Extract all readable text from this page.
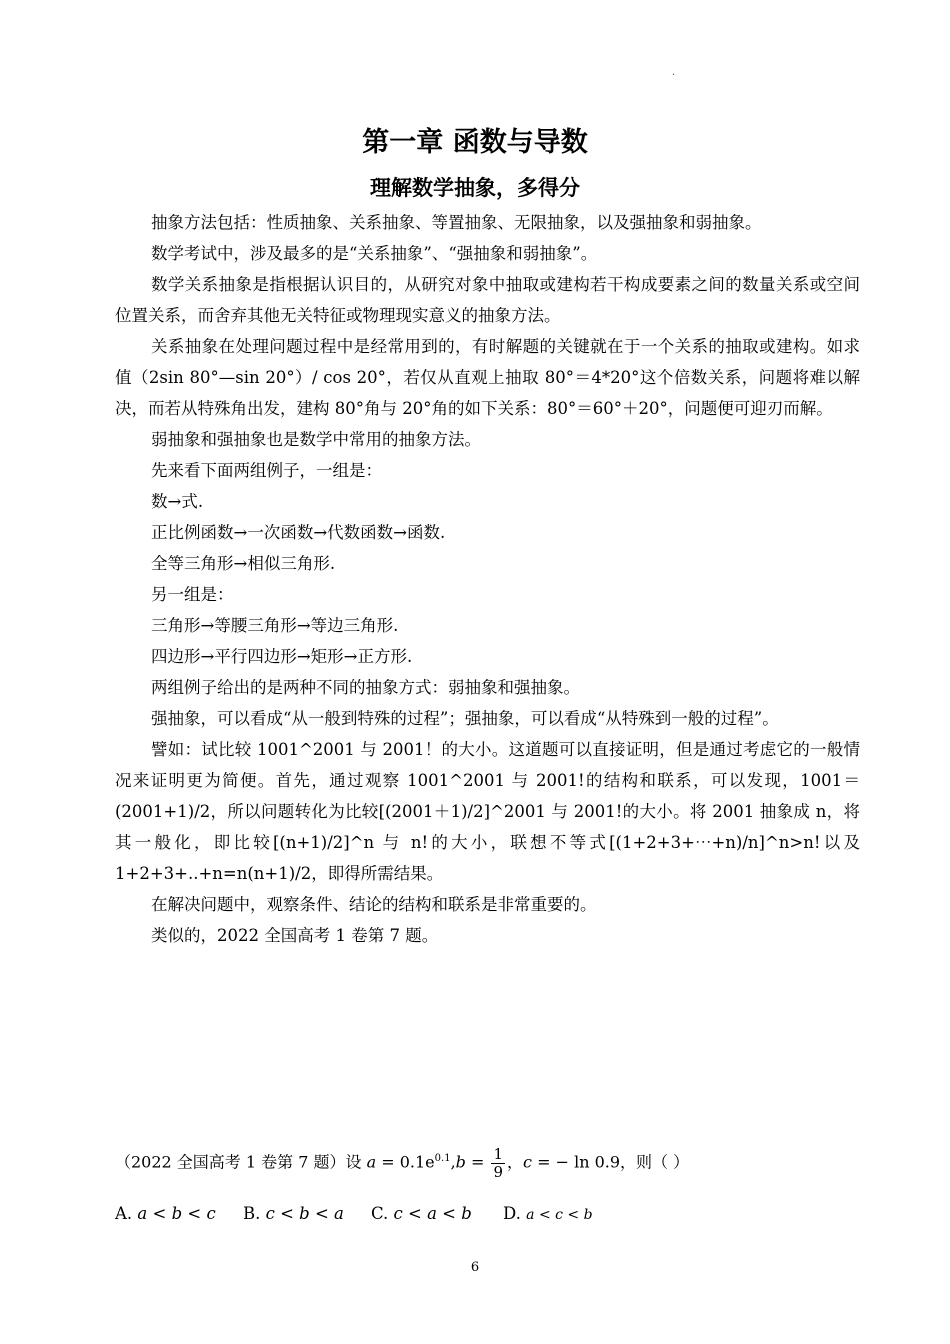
·
第一章 函数与导数
理解数学抽象，多得分

抽象方法包括：性质抽象、关系抽象、等置抽象、无限抽象，以及强抽象和弱抽象。

数学考试中，涉及最多的是“关系抽象”、“强抽象和弱抽象”。

数学关系抽象是指根据认识目的，从研究对象中抽取或建构若干构成要素之间的数量关系或空间位置关系，而舍弃其他无关特征或物理现实意义的抽象方法。

关系抽象在处理问题过程中是经常用到的，有时解题的关键就在于一个关系的抽取或建构。如求值（2sin 80°—sin 20°）/ cos 20°，若仅从直观上抽取 80°＝4*20°这个倍数关系，问题将难以解决，而若从特殊角出发，建构 80°角与 20°角的如下关系：80°＝60°＋20°，问题便可迎刃而解。

弱抽象和强抽象也是数学中常用的抽象方法。

先来看下面两组例子，一组是：

数→式.

正比例函数→一次函数→代数函数→函数.

全等三角形→相似三角形.

另一组是：

三角形→等腰三角形→等边三角形.

四边形→平行四边形→矩形→正方形.

两组例子给出的是两种不同的抽象方式：弱抽象和强抽象。

强抽象，可以看成“从一般到特殊的过程”；强抽象，可以看成“从特殊到一般的过程”。

譬如：试比较 1001^2001 与 2001！的大小。这道题可以直接证明，但是通过考虑它的一般情况来证明更为简便。首先，通过观察 1001^2001 与 2001!的结构和联系，可以发现，1001＝(2001+1)/2，所以问题转化为比较[(2001＋1)/2]^2001 与 2001!的大小。将 2001 抽象成 n，将其一般化，即比较[(n+1)/2]^n 与 n!的大小，联想不等式[(1+2+3+⋯+n)/n]^n>n!以及 1+2+3+..+n=n(n+1)/2，即得所需结果。

在解决问题中，观察条件、结论的结构和联系是非常重要的。

类似的，2022 全国高考 1 卷第 7 题。

（2022 全国高考 1 卷第 7 题）设 $a = 0.1e^{0.1},b = \frac{1}{9}$ ，c = − ln 0.9，则（ ）
A. a < b < c B. c < b < a C. c < a < b D. a < c < b
6
